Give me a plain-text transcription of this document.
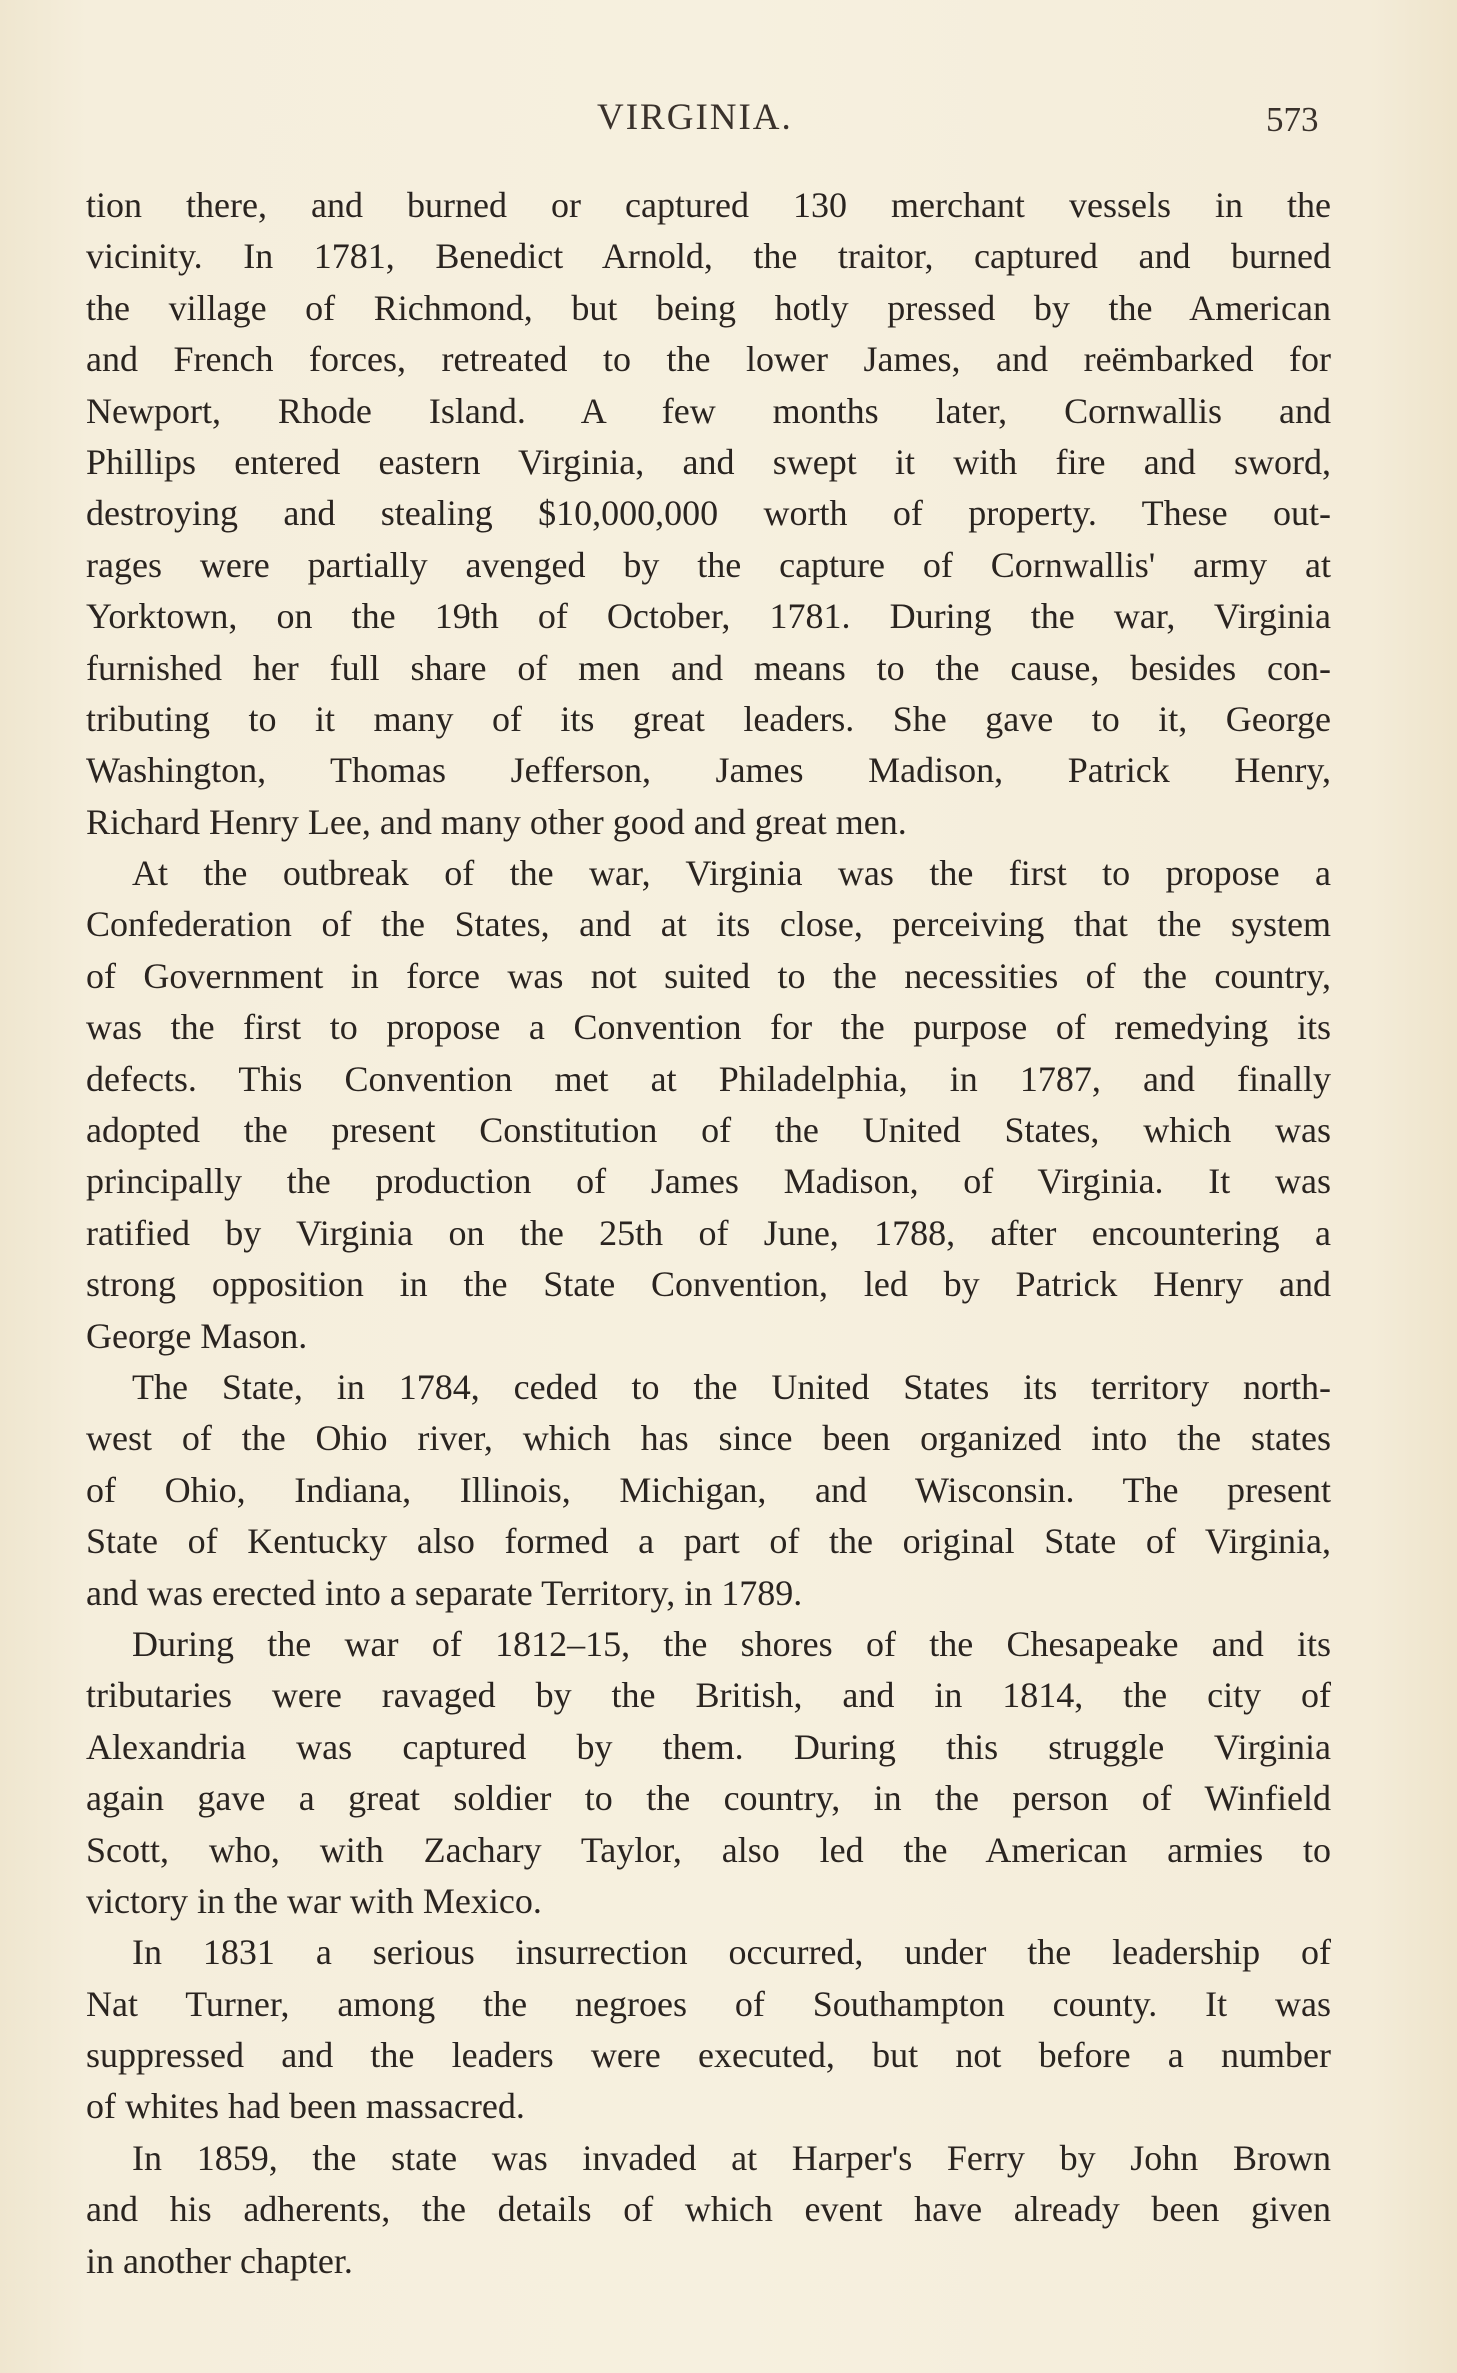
VIRGINIA.	573
tion there, and burned or captured 130 merchant vessels in the
vicinity. In 1781, Benedict Arnold, the traitor, captured and burned
the village of Richmond, but being hotly pressed by the American
and French forces, retreated to the lower James, and reëmbarked for
Newport, Rhode Island. A few months later, Cornwallis and
Phillips entered eastern Virginia, and swept it with fire and sword,
destroying and stealing $10,000,000 worth of property. These out-
rages were partially avenged by the capture of Cornwallis' army at
Yorktown, on the 19th of October, 1781. During the war, Virginia
furnished her full share of men and means to the cause, besides con-
tributing to it many of its great leaders. She gave to it, George
Washington, Thomas Jefferson, James Madison, Patrick Henry,
Richard Henry Lee, and many other good and great men.
At the outbreak of the war, Virginia was the first to propose a
Confederation of the States, and at its close, perceiving that the system
of Government in force was not suited to the necessities of the country,
was the first to propose a Convention for the purpose of remedying its
defects. This Convention met at Philadelphia, in 1787, and finally
adopted the present Constitution of the United States, which was
principally the production of James Madison, of Virginia. It was
ratified by Virginia on the 25th of June, 1788, after encountering a
strong opposition in the State Convention, led by Patrick Henry and
George Mason.
The State, in 1784, ceded to the United States its territory north-
west of the Ohio river, which has since been organized into the states
of Ohio, Indiana, Illinois, Michigan, and Wisconsin. The present
State of Kentucky also formed a part of the original State of Virginia,
and was erected into a separate Territory, in 1789.
During the war of 1812–15, the shores of the Chesapeake and its
tributaries were ravaged by the British, and in 1814, the city of
Alexandria was captured by them. During this struggle Virginia
again gave a great soldier to the country, in the person of Winfield
Scott, who, with Zachary Taylor, also led the American armies to
victory in the war with Mexico.
In 1831 a serious insurrection occurred, under the leadership of
Nat Turner, among the negroes of Southampton county. It was
suppressed and the leaders were executed, but not before a number
of whites had been massacred.
In 1859, the state was invaded at Harper's Ferry by John Brown
and his adherents, the details of which event have already been given
in another chapter.
